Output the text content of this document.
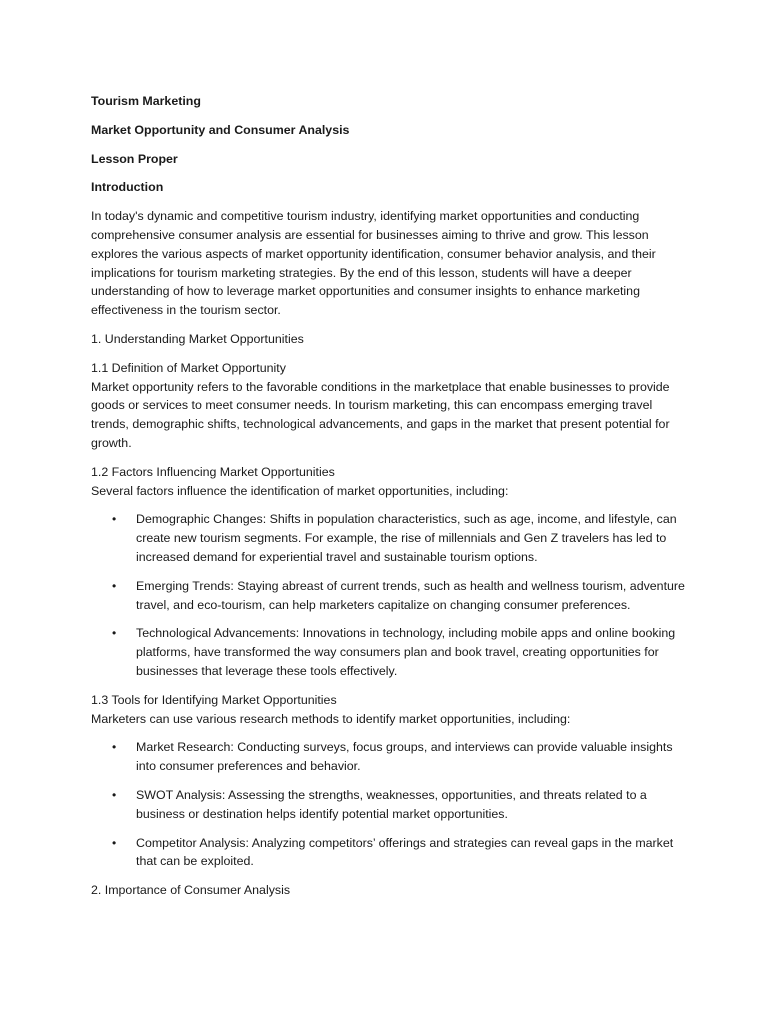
Tourism Marketing

Market Opportunity and Consumer Analysis

Lesson Proper

Introduction

In today's dynamic and competitive tourism industry, identifying market opportunities and conducting comprehensive consumer analysis are essential for businesses aiming to thrive and grow. This lesson explores the various aspects of market opportunity identification, consumer behavior analysis, and their implications for tourism marketing strategies. By the end of this lesson, students will have a deeper understanding of how to leverage market opportunities and consumer insights to enhance marketing effectiveness in the tourism sector.

1. Understanding Market Opportunities

1.1 Definition of Market Opportunity
Market opportunity refers to the favorable conditions in the marketplace that enable businesses to provide goods or services to meet consumer needs. In tourism marketing, this can encompass emerging travel trends, demographic shifts, technological advancements, and gaps in the market that present potential for growth.

1.2 Factors Influencing Market Opportunities
Several factors influence the identification of market opportunities, including:

• Demographic Changes: Shifts in population characteristics, such as age, income, and lifestyle, can create new tourism segments. For example, the rise of millennials and Gen Z travelers has led to increased demand for experiential travel and sustainable tourism options.
• Emerging Trends: Staying abreast of current trends, such as health and wellness tourism, adventure travel, and eco-tourism, can help marketers capitalize on changing consumer preferences.
• Technological Advancements: Innovations in technology, including mobile apps and online booking platforms, have transformed the way consumers plan and book travel, creating opportunities for businesses that leverage these tools effectively.

1.3 Tools for Identifying Market Opportunities
Marketers can use various research methods to identify market opportunities, including:

• Market Research: Conducting surveys, focus groups, and interviews can provide valuable insights into consumer preferences and behavior.
• SWOT Analysis: Assessing the strengths, weaknesses, opportunities, and threats related to a business or destination helps identify potential market opportunities.
• Competitor Analysis: Analyzing competitors’ offerings and strategies can reveal gaps in the market that can be exploited.

2. Importance of Consumer Analysis
